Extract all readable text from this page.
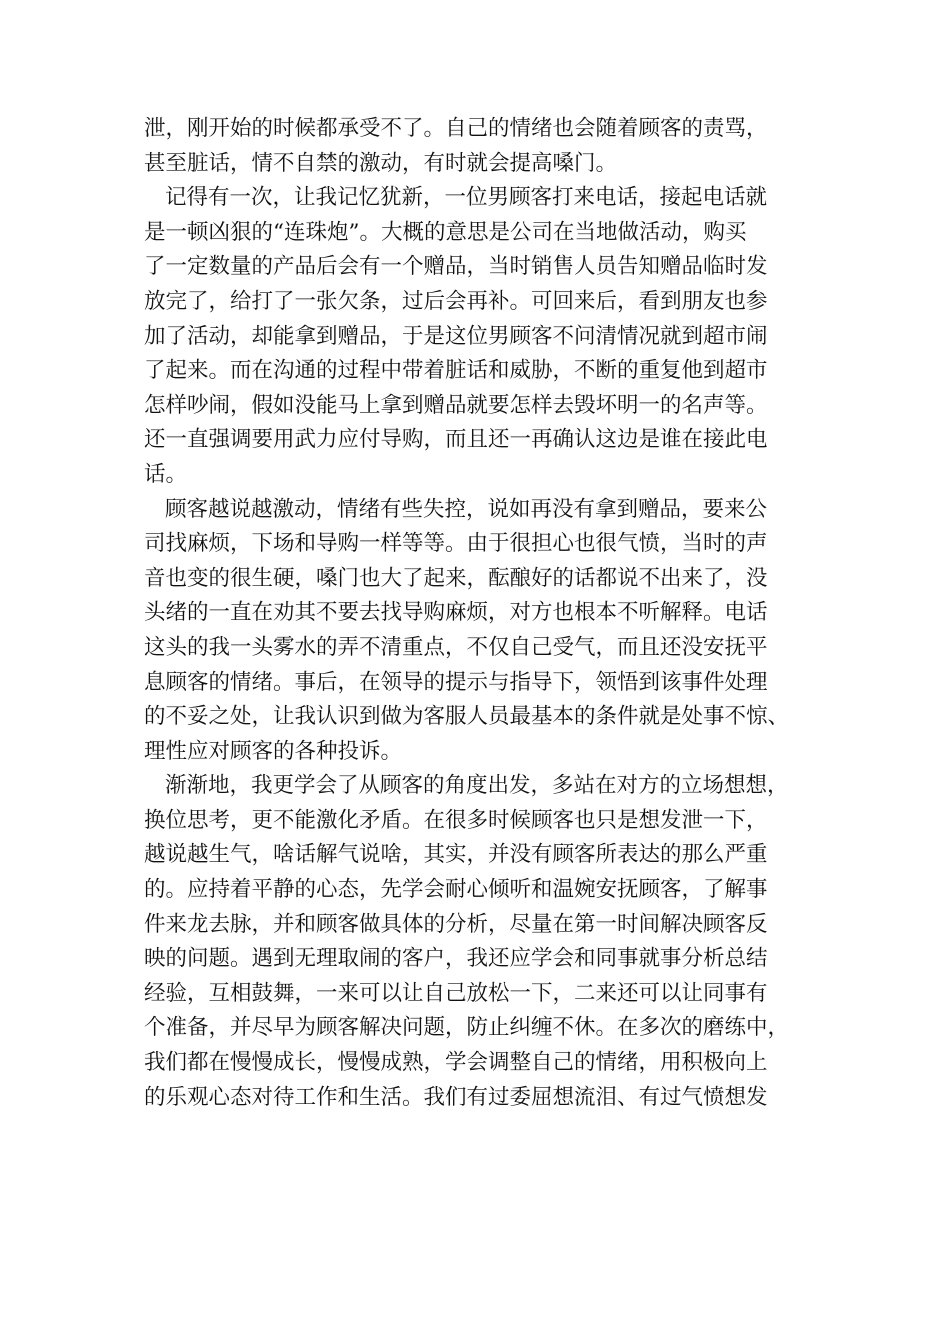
泄，刚开始的时候都承受不了。自己的情绪也会随着顾客的责骂，
甚至脏话，情不自禁的激动，有时就会提高嗓门。
记得有一次，让我记忆犹新，一位男顾客打来电话，接起电话就
是一顿凶狠的“连珠炮”。大概的意思是公司在当地做活动，购买
了一定数量的产品后会有一个赠品，当时销售人员告知赠品临时发
放完了，给打了一张欠条，过后会再补。可回来后，看到朋友也参
加了活动，却能拿到赠品，于是这位男顾客不问清情况就到超市闹
了起来。而在沟通的过程中带着脏话和威胁，不断的重复他到超市
怎样吵闹，假如没能马上拿到赠品就要怎样去毁坏明一的名声等。
还一直强调要用武力应付导购，而且还一再确认这边是谁在接此电
话。
顾客越说越激动，情绪有些失控，说如再没有拿到赠品，要来公
司找麻烦，下场和导购一样等等。由于很担心也很气愤，当时的声
音也变的很生硬，嗓门也大了起来，酝酿好的话都说不出来了，没
头绪的一直在劝其不要去找导购麻烦，对方也根本不听解释。电话
这头的我一头雾水的弄不清重点，不仅自己受气，而且还没安抚平
息顾客的情绪。事后，在领导的提示与指导下，领悟到该事件处理
的不妥之处，让我认识到做为客服人员最基本的条件就是处事不惊、
理性应对顾客的各种投诉。
渐渐地，我更学会了从顾客的角度出发，多站在对方的立场想想，
换位思考，更不能激化矛盾。在很多时候顾客也只是想发泄一下，
越说越生气，啥话解气说啥，其实，并没有顾客所表达的那么严重
的。应持着平静的心态，先学会耐心倾听和温婉安抚顾客，了解事
件来龙去脉，并和顾客做具体的分析，尽量在第一时间解决顾客反
映的问题。遇到无理取闹的客户，我还应学会和同事就事分析总结
经验，互相鼓舞，一来可以让自己放松一下，二来还可以让同事有
个准备，并尽早为顾客解决问题，防止纠缠不休。在多次的磨练中，
我们都在慢慢成长，慢慢成熟，学会调整自己的情绪，用积极向上
的乐观心态对待工作和生活。我们有过委屈想流泪、有过气愤想发
